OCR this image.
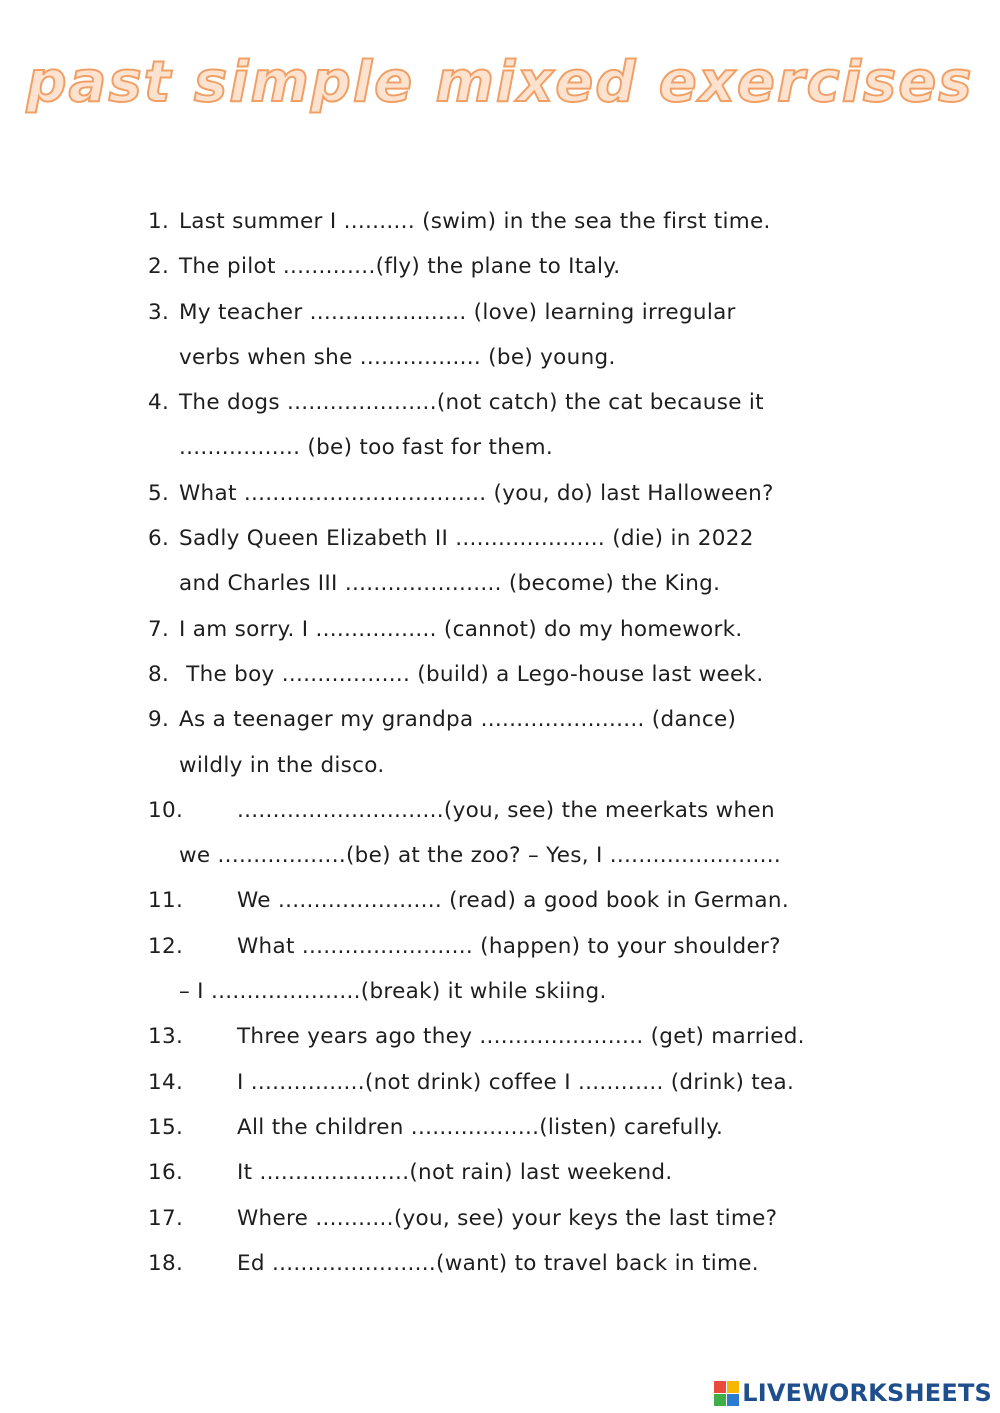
past simple mixed exercises
1. Last summer I .......... (swim) in the sea the first time.
2. The pilot .............(fly) the plane to Italy.
3. My teacher ...................... (love) learning irregular
verbs when she ................. (be) young.
4. The dogs .....................(not catch) the cat because it
................. (be) too fast for them.
5. What .................................. (you, do) last Halloween?
6. Sadly Queen Elizabeth II ..................... (die) in 2022
and Charles III ...................... (become) the King.
7. I am sorry. I ................. (cannot) do my homework.
8. The boy .................. (build) a Lego-house last week.
9. As a teenager my grandpa ....................... (dance)
wildly in the disco.
10.	.............................(you, see) the meerkats when
we ..................(be) at the zoo? – Yes, I ........................
11.	We ....................... (read) a good book in German.
12.	What ........................ (happen) to your shoulder?
– I .....................(break) it while skiing.
13.	Three years ago they ....................... (get) married.
14.	I ................(not drink) coffee I ............ (drink) tea.
15.	All the children ..................(listen) carefully.
16.	It .....................(not rain) last weekend.
17.	Where ...........(you, see) your keys the last time?
18.	Ed .......................(want) to travel back in time.
LIVEWORKSHEETS
